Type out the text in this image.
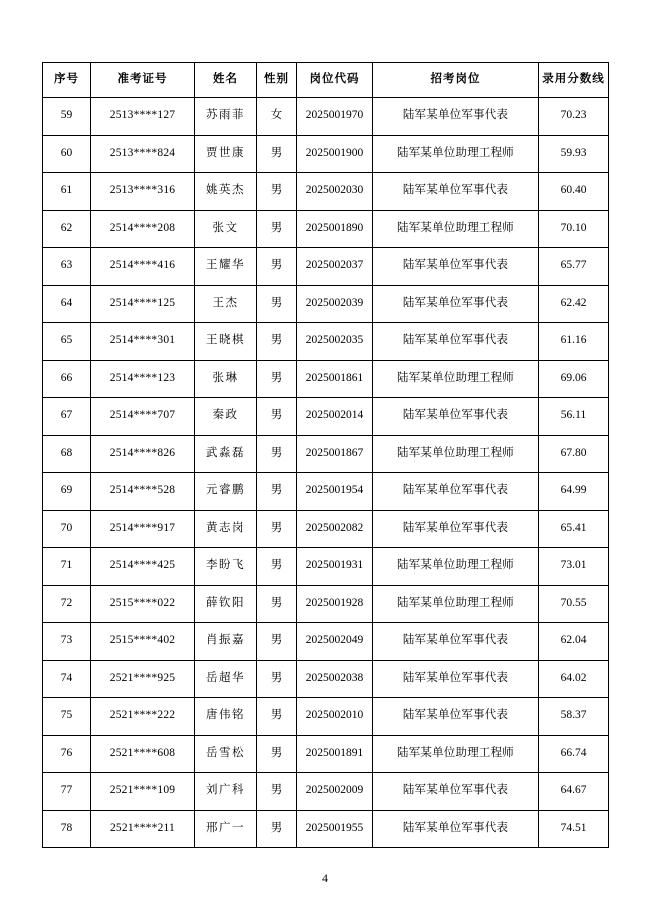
序号	准考证号	姓名	性别	岗位代码	招考岗位	录用分数线
59	2513****127	苏雨菲	女	2025001970	陆军某单位军事代表	70.23
60	2513****824	贾世康	男	2025001900	陆军某单位助理工程师	59.93
61	2513****316	姚英杰	男	2025002030	陆军某单位军事代表	60.40
62	2514****208	张文	男	2025001890	陆军某单位助理工程师	70.10
63	2514****416	王耀华	男	2025002037	陆军某单位军事代表	65.77
64	2514****125	王杰	男	2025002039	陆军某单位军事代表	62.42
65	2514****301	王晓棋	男	2025002035	陆军某单位军事代表	61.16
66	2514****123	张琳	男	2025001861	陆军某单位助理工程师	69.06
67	2514****707	秦政	男	2025002014	陆军某单位军事代表	56.11
68	2514****826	武淼磊	男	2025001867	陆军某单位助理工程师	67.80
69	2514****528	元睿鹏	男	2025001954	陆军某单位军事代表	64.99
70	2514****917	黄志岗	男	2025002082	陆军某单位军事代表	65.41
71	2514****425	李盼飞	男	2025001931	陆军某单位助理工程师	73.01
72	2515****022	薛钦阳	男	2025001928	陆军某单位助理工程师	70.55
73	2515****402	肖振嘉	男	2025002049	陆军某单位军事代表	62.04
74	2521****925	岳超华	男	2025002038	陆军某单位军事代表	64.02
75	2521****222	唐伟铭	男	2025002010	陆军某单位军事代表	58.37
76	2521****608	岳雪松	男	2025001891	陆军某单位助理工程师	66.74
77	2521****109	刘广科	男	2025002009	陆军某单位军事代表	64.67
78	2521****211	邢广一	男	2025001955	陆军某单位军事代表	74.51
4
